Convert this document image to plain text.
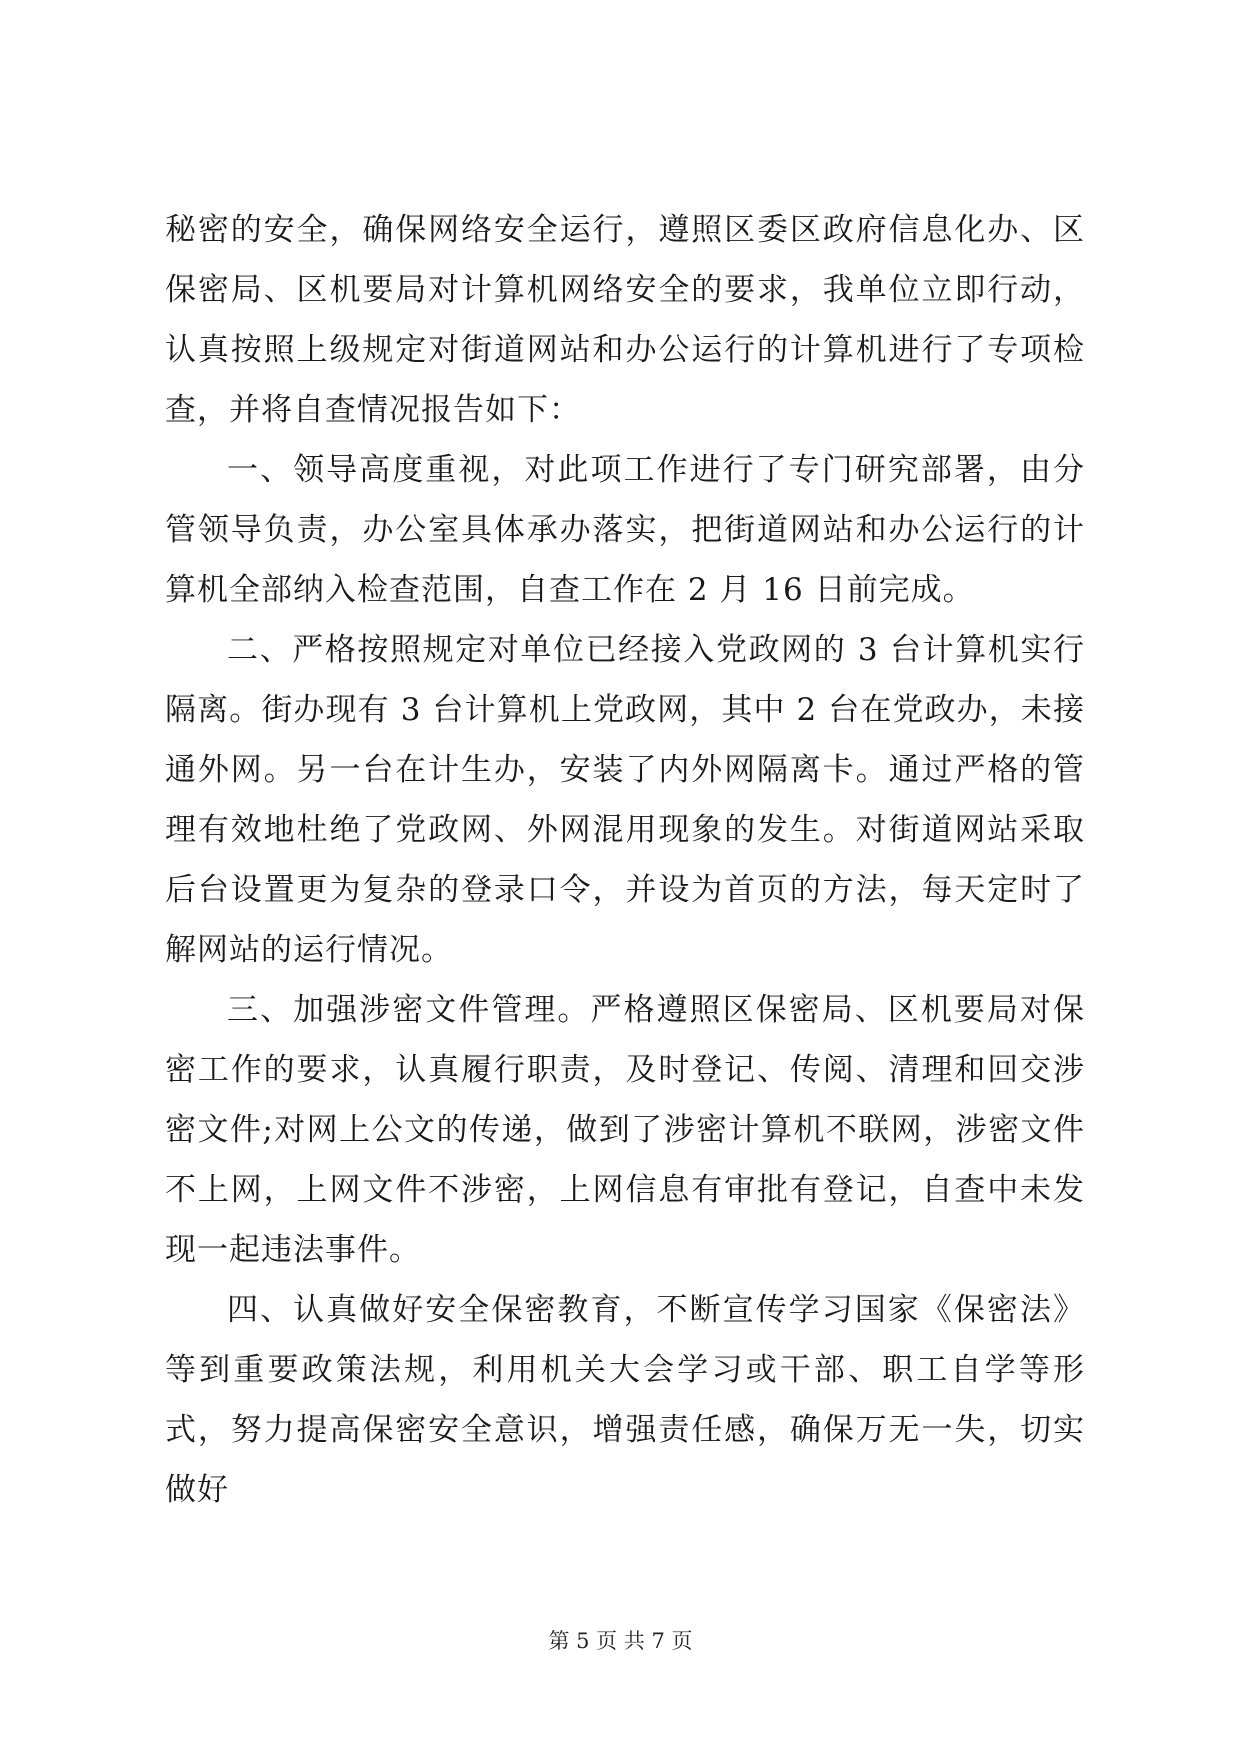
秘密的安全，确保网络安全运行，遵照区委区政府信息化办、区保密局、区机要局对计算机网络安全的要求，我单位立即行动，认真按照上级规定对街道网站和办公运行的计算机进行了专项检查，并将自查情况报告如下：

一、领导高度重视，对此项工作进行了专门研究部署，由分管领导负责，办公室具体承办落实，把街道网站和办公运行的计算机全部纳入检查范围，自查工作在 2 月 16 日前完成。

二、严格按照规定对单位已经接入党政网的 3 台计算机实行隔离。街办现有 3 台计算机上党政网，其中 2 台在党政办，未接通外网。另一台在计生办，安装了内外网隔离卡。通过严格的管理有效地杜绝了党政网、外网混用现象的发生。对街道网站采取后台设置更为复杂的登录口令，并设为首页的方法，每天定时了解网站的运行情况。

三、加强涉密文件管理。严格遵照区保密局、区机要局对保密工作的要求，认真履行职责，及时登记、传阅、清理和回交涉密文件;对网上公文的传递，做到了涉密计算机不联网，涉密文件不上网，上网文件不涉密，上网信息有审批有登记，自查中未发现一起违法事件。

四、认真做好安全保密教育，不断宣传学习国家《保密法》等到重要政策法规，利用机关大会学习或干部、职工自学等形式，努力提高保密安全意识，增强责任感，确保万无一失，切实做好

第 5 页 共 7 页
